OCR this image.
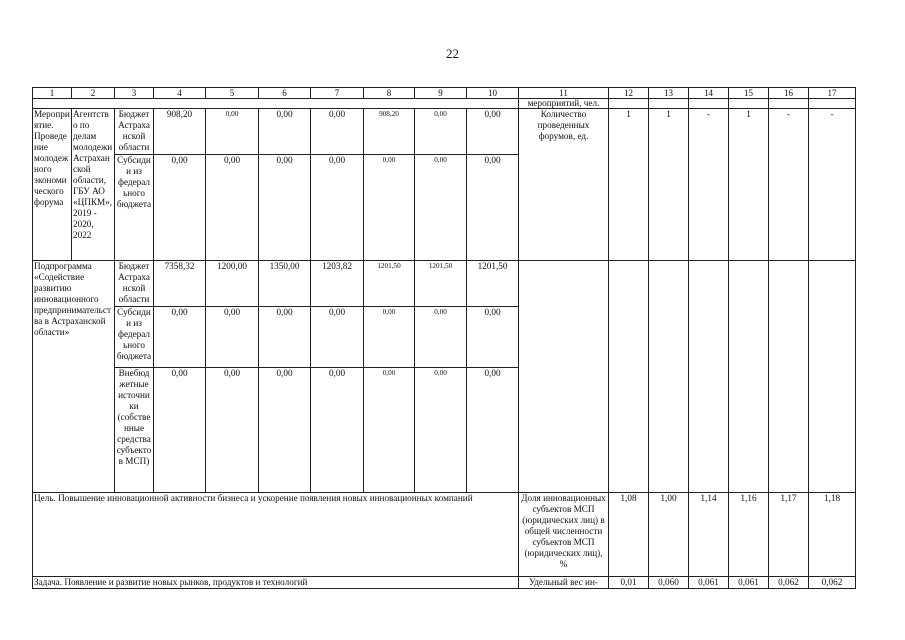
22
1	2	3	4	5	6	7	8	9	10	11	12	13	14	15	16	17
										мероприятий, чел.						
Мероприятие. Проведение молодежного экономического форума	Агентство по делам молодежи Астраханской области, ГБУ АО «ЦПКМ», 2019 - 2020, 2022	Бюджет Астраханской области	908,20	0,00	0,00	0,00	908,20	0,00	0,00	Количество проведенных форумов, ед.	1	1	-	1	-	-
		Субсидии из федерального бюджета	0,00	0,00	0,00	0,00	0,00	0,00	0,00							
Подпрограмма «Содействие развитию инновационного предпринимательства в Астраханской области»		Бюджет Астраханской области	7358,32	1200,00	1350,00	1203,82	1201,50	1201,50	1201,50							
		Субсидии из федерального бюджета	0,00	0,00	0,00	0,00	0,00	0,00	0,00							
		Внебюджетные источники (собственные средства субъектов МСП)	0,00	0,00	0,00	0,00	0,00	0,00	0,00							
Цель. Повышение инновационной активности бизнеса и ускорение появления новых инновационных компаний										Доля инновационных субъектов МСП (юридических лиц) в общей численности субъектов МСП (юридических лиц), %	1,08	1,00	1,14	1,16	1,17	1,18
Задача. Появление и развитие новых рынков, продуктов и технологий										Удельный вес ин-	0,01	0,060	0,061	0,061	0,062	0,062
